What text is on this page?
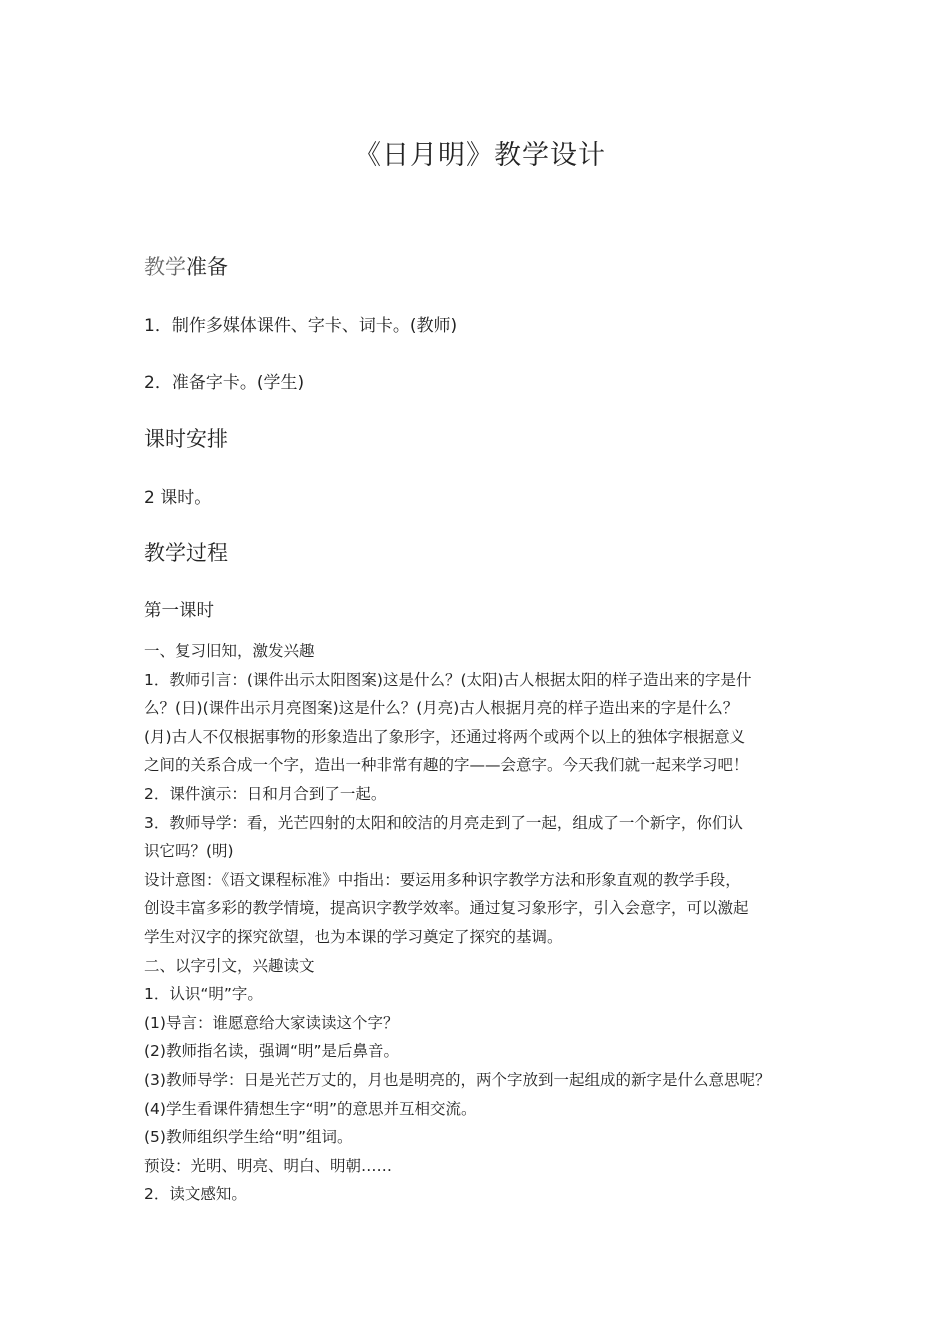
《日月明》教学设计
教学准备

1．制作多媒体课件、字卡、词卡。(教师)

2．准备字卡。(学生)

课时安排

2 课时。

教学过程
第一课时

一、复习旧知，激发兴趣

1．教师引言：(课件出示太阳图案)这是什么？(太阳)古人根据太阳的样子造出来的字是什

么？(日)(课件出示月亮图案)这是什么？(月亮)古人根据月亮的样子造出来的字是什么？

(月)古人不仅根据事物的形象造出了象形字，还通过将两个或两个以上的独体字根据意义

之间的关系合成一个字，造出一种非常有趣的字——会意字。今天我们就一起来学习吧！

2．课件演示：日和月合到了一起。

3．教师导学：看，光芒四射的太阳和皎洁的月亮走到了一起，组成了一个新字，你们认

识它吗？(明)

设计意图：《语文课程标准》中指出：要运用多种识字教学方法和形象直观的教学手段，

创设丰富多彩的教学情境，提高识字教学效率。通过复习象形字，引入会意字，可以激起

学生对汉字的探究欲望，也为本课的学习奠定了探究的基调。

二、以字引文，兴趣读文

1．认识“明”字。

(1)导言：谁愿意给大家读读这个字？

(2)教师指名读，强调“明”是后鼻音。

(3)教师导学：日是光芒万丈的，月也是明亮的，两个字放到一起组成的新字是什么意思呢？

(4)学生看课件猜想生字“明”的意思并互相交流。

(5)教师组织学生给“明”组词。

预设：光明、明亮、明白、明朝……

2．读文感知。
